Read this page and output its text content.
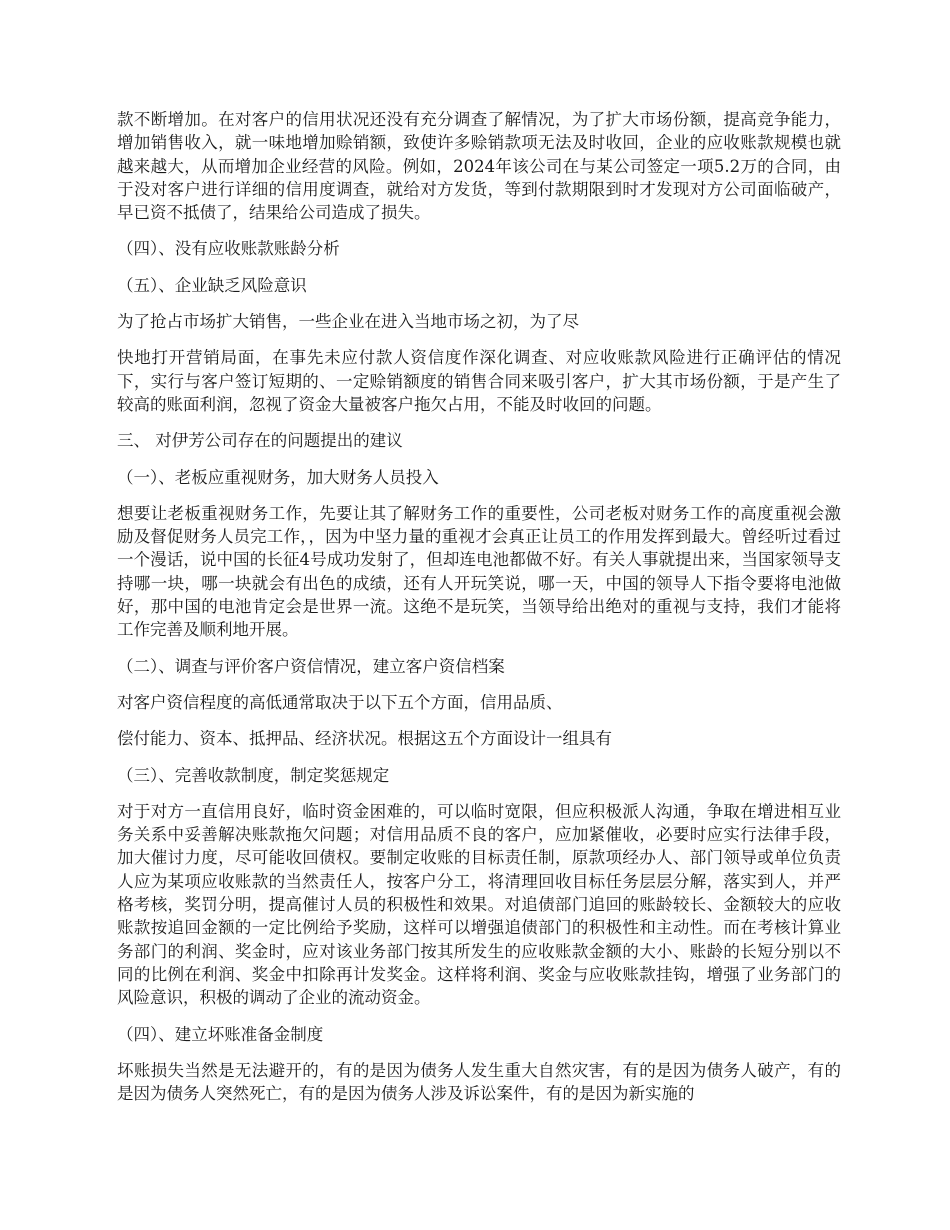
款不断增加。在对客户的信用状况还没有充分调查了解情况，为了扩大市场份额，提高竞争能力，增加销售收入，就一味地增加赊销额，致使许多赊销款项无法及时收回，企业的应收账款规模也就越来越大，从而增加企业经营的风险。例如，2024年该公司在与某公司签定一项5.2万的合同，由于没对客户进行详细的信用度调查，就给对方发货，等到付款期限到时才发现对方公司面临破产，早已资不抵债了，结果给公司造成了损失。

（四）、没有应收账款账龄分析

（五）、企业缺乏风险意识

为了抢占市场扩大销售，一些企业在进入当地市场之初，为了尽

快地打开营销局面，在事先未应付款人资信度作深化调查、对应收账款风险进行正确评估的情况下，实行与客户签订短期的、一定赊销额度的销售合同来吸引客户，扩大其市场份额，于是产生了较高的账面利润，忽视了资金大量被客户拖欠占用，不能及时收回的问题。

三、 对伊芳公司存在的问题提出的建议

（一）、老板应重视财务，加大财务人员投入

想要让老板重视财务工作，先要让其了解财务工作的重要性，公司老板对财务工作的高度重视会激励及督促财务人员完工作，，因为中坚力量的重视才会真正让员工的作用发挥到最大。曾经听过看过一个漫话，说中国的长征4号成功发射了，但却连电池都做不好。有关人事就提出来，当国家领导支持哪一块，哪一块就会有出色的成绩，还有人开玩笑说，哪一天，中国的领导人下指令要将电池做好，那中国的电池肯定会是世界一流。这绝不是玩笑，当领导给出绝对的重视与支持，我们才能将工作完善及顺利地开展。

（二）、调查与评价客户资信情况，建立客户资信档案

对客户资信程度的高低通常取决于以下五个方面，信用品质、

偿付能力、资本、抵押品、经济状况。根据这五个方面设计一组具有

（三）、完善收款制度，制定奖惩规定

对于对方一直信用良好，临时资金困难的，可以临时宽限，但应积极派人沟通，争取在增进相互业务关系中妥善解决账款拖欠问题；对信用品质不良的客户，应加紧催收，必要时应实行法律手段，加大催讨力度，尽可能收回债权。要制定收账的目标责任制，原款项经办人、部门领导或单位负责人应为某项应收账款的当然责任人，按客户分工，将清理回收目标任务层层分解，落实到人，并严格考核，奖罚分明，提高催讨人员的积极性和效果。对追债部门追回的账龄较长、金额较大的应收账款按追回金额的一定比例给予奖励，这样可以增强追债部门的积极性和主动性。而在考核计算业务部门的利润、奖金时，应对该业务部门按其所发生的应收账款金额的大小、账龄的长短分别以不同的比例在利润、奖金中扣除再计发奖金。这样将利润、奖金与应收账款挂钩，增强了业务部门的风险意识，积极的调动了企业的流动资金。

（四）、建立坏账准备金制度

坏账损失当然是无法避开的，有的是因为债务人发生重大自然灾害，有的是因为债务人破产，有的是因为债务人突然死亡，有的是因为债务人涉及诉讼案件，有的是因为新实施的
